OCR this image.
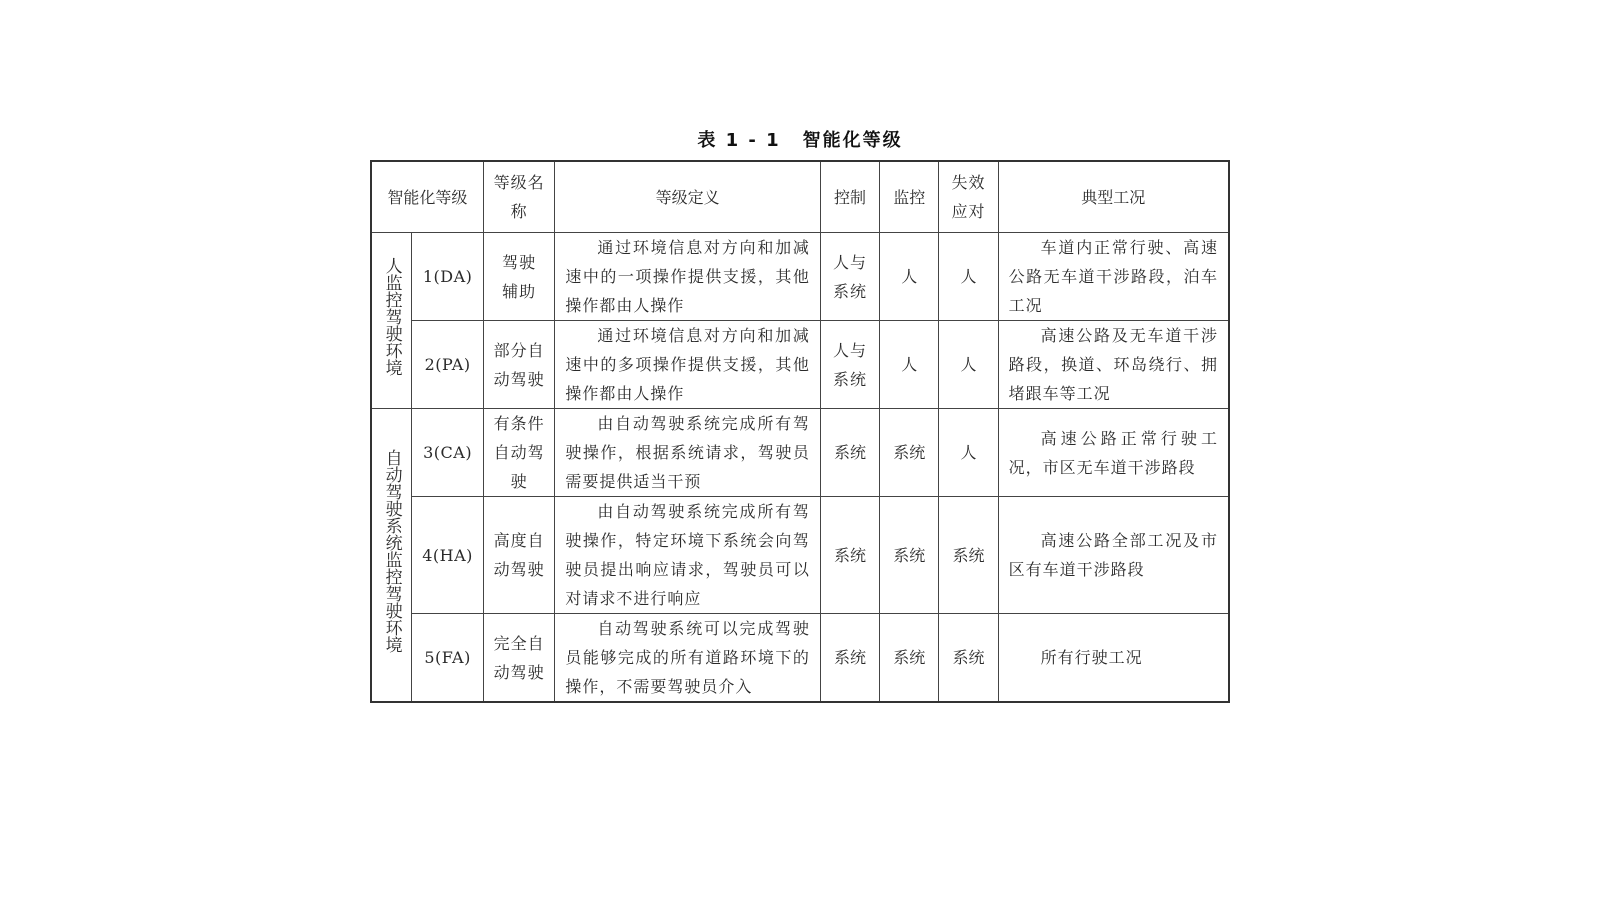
表 1 - 1 智能化等级
智能化等级		等级名称	等级定义	控制	监控	失效应对	典型工况
人监控驾驶环境	1(DA)	驾驶辅助	通过环境信息对方向和加减速中的一项操作提供支援，其他操作都由人操作	人与系统	人	人	车道内正常行驶、高速公路无车道干涉路段，泊车工况
	2(PA)	部分自动驾驶	通过环境信息对方向和加减速中的多项操作提供支援，其他操作都由人操作	人与系统	人	人	高速公路及无车道干涉路段，换道、环岛绕行、拥堵跟车等工况
自动驾驶系统监控驾驶环境	3(CA)	有条件自动驾驶	由自动驾驶系统完成所有驾驶操作，根据系统请求，驾驶员需要提供适当干预	系统	系统	人	高速公路正常行驶工况，市区无车道干涉路段
	4(HA)	高度自动驾驶	由自动驾驶系统完成所有驾驶操作，特定环境下系统会向驾驶员提出响应请求，驾驶员可以对请求不进行响应	系统	系统	系统	高速公路全部工况及市区有车道干涉路段
	5(FA)	完全自动驾驶	自动驾驶系统可以完成驾驶员能够完成的所有道路环境下的操作，不需要驾驶员介入	系统	系统	系统	所有行驶工况
